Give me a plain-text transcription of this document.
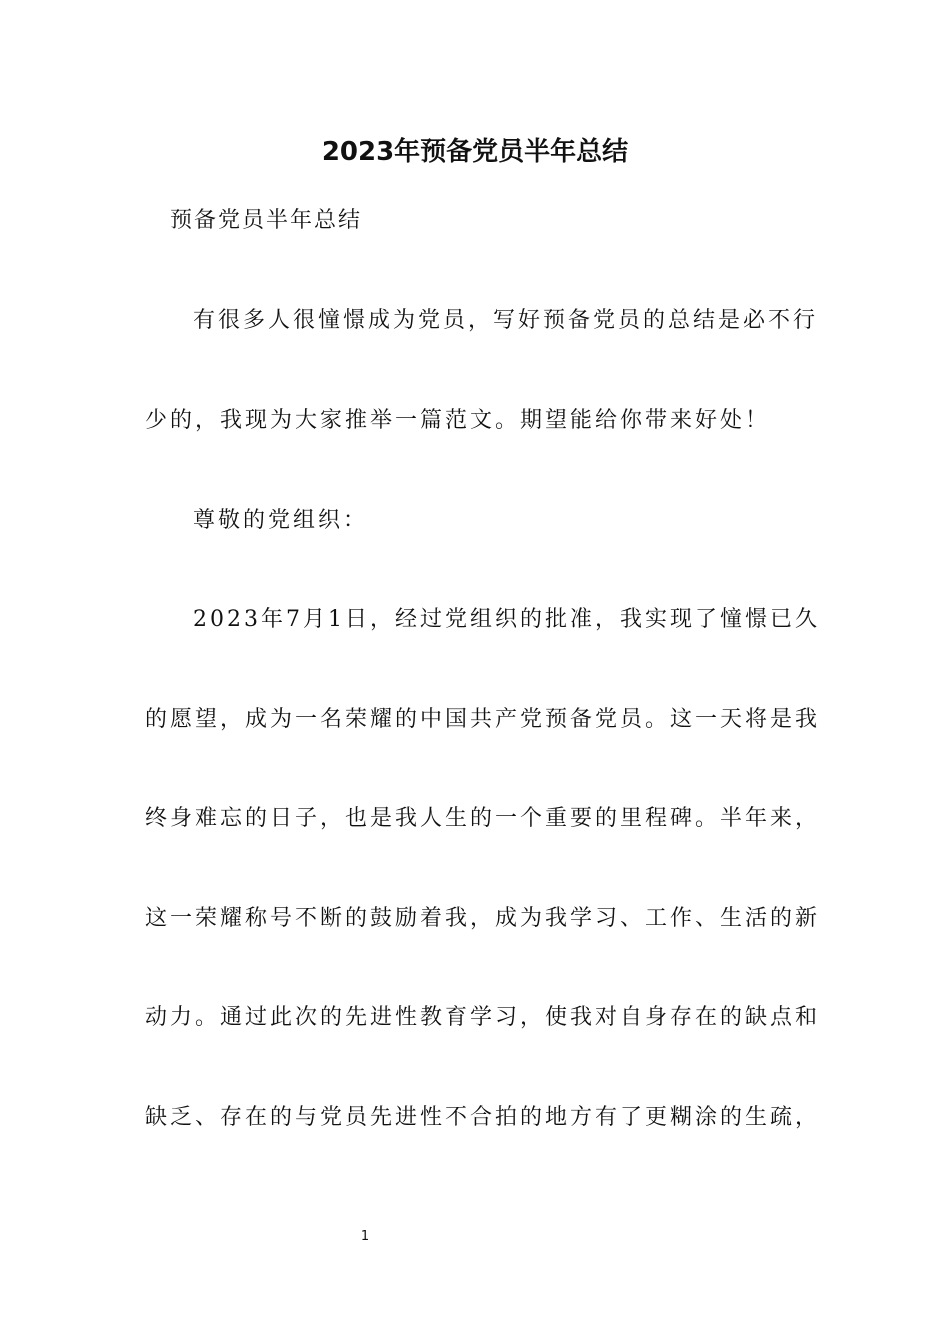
2023年预备党员半年总结
预备党员半年总结
有很多人很憧憬成为党员，写好预备党员的总结是必不行
少的，我现为大家推举一篇范文。期望能给你带来好处！
尊敬的党组织：
2023年7月1日，经过党组织的批准，我实现了憧憬已久
的愿望，成为一名荣耀的中国共产党预备党员。这一天将是我
终身难忘的日子，也是我人生的一个重要的里程碑。半年来，
这一荣耀称号不断的鼓励着我，成为我学习、工作、生活的新
动力。通过此次的先进性教育学习，使我对自身存在的缺点和
缺乏、存在的与党员先进性不合拍的地方有了更糊涂的生疏，
1
